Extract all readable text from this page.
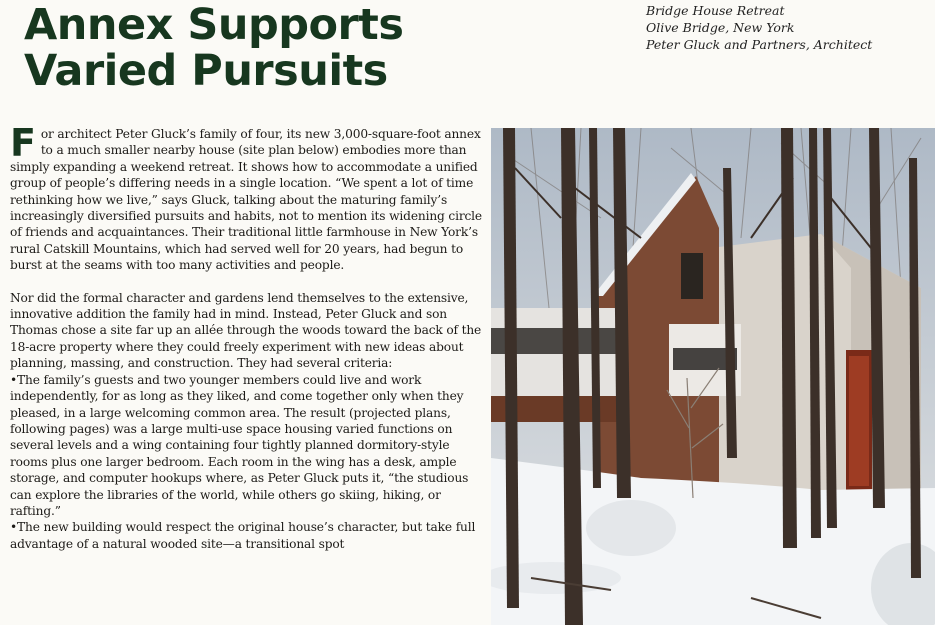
Annex Supports
Varied Pursuits
Bridge House Retreat
Olive Bridge, New York
Peter Gluck and Partners, Architect

For architect Peter Gluck’s family of four, its new 3,000-square-foot annex to a much smaller nearby house (site plan below) embodies more than simply expanding a weekend retreat. It shows how to accommodate a unified group of people’s differing needs in a single location. “We spent a lot of time rethinking how we live,” says Gluck, talking about the maturing family’s increasingly diversified pursuits and habits, not to mention its widening circle of friends and acquaintances. Their traditional little farmhouse in New York’s rural Catskill Mountains, which had served well for 20 years, had begun to burst at the seams with too many activities and people.

Nor did the formal character and gardens lend themselves to the extensive, innovative addition the family had in mind. Instead, Peter Gluck and son Thomas chose a site far up an allée through the woods toward the back of the 18-acre property where they could freely experiment with new ideas about planning, massing, and construction. They had several criteria:

•The family’s guests and two younger members could live and work independently, for as long as they liked, and come together only when they pleased, in a large welcoming common area. The result (projected plans, following pages) was a large multi-use space housing varied functions on several levels and a wing containing four tightly planned dormitory-style rooms plus one larger bedroom. Each room in the wing has a desk, ample storage, and computer hookups where, as Peter Gluck puts it, “the studious can explore the libraries of the world, while others go skiing, hiking, or rafting.”

•The new building would respect the original house’s character, but take full advantage of a natural wooded site—a transitional spot
